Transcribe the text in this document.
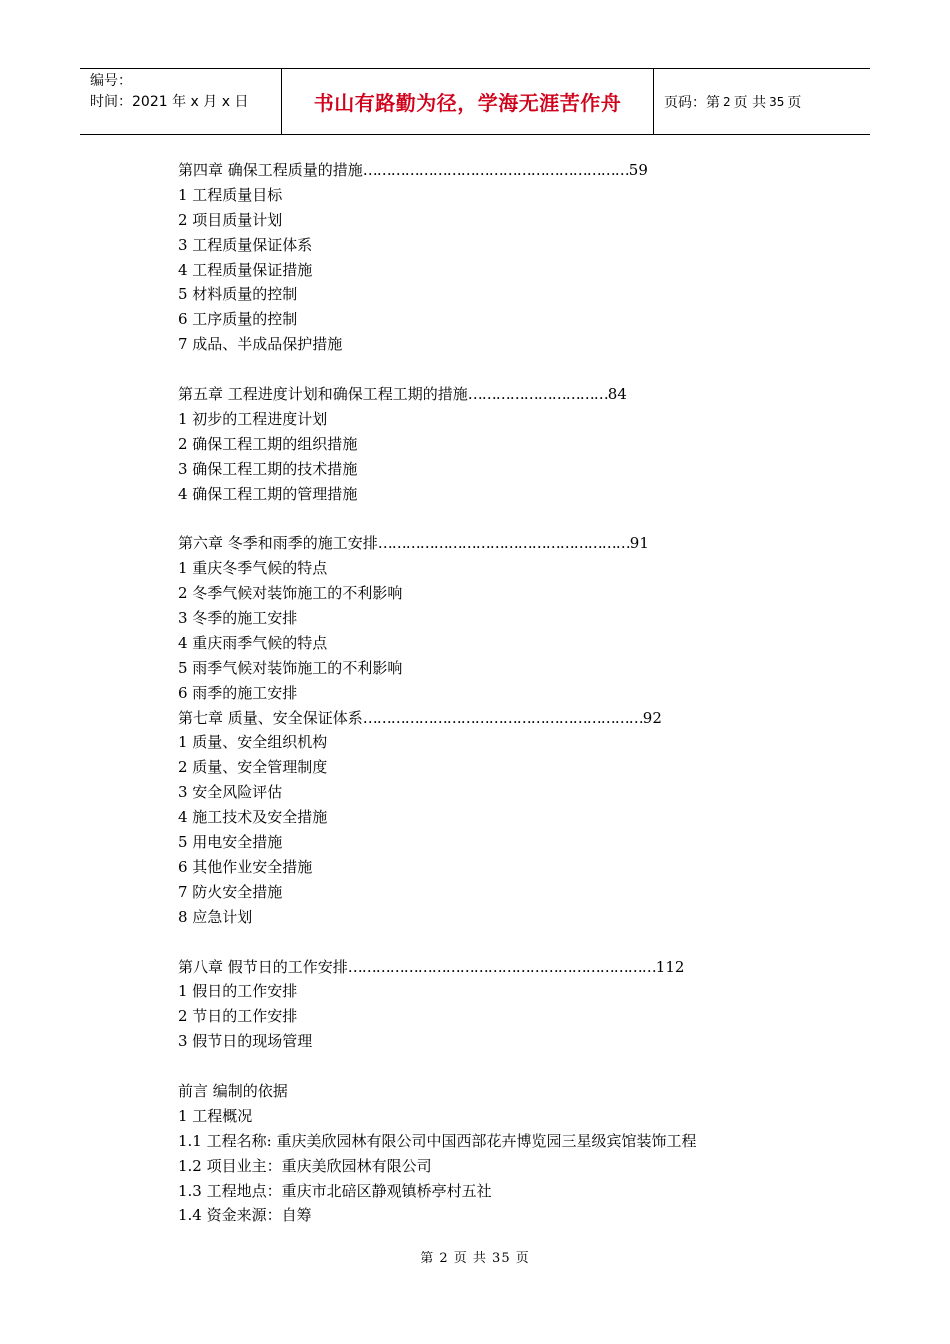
编号：
时间：2021 年 x 月 x 日	书山有路勤为径，学海无涯苦作舟	页码：第 2 页 共 35 页
第四章 确保工程质量的措施…………………………………………………59
1 工程质量目标
2 项目质量计划
3 工程质量保证体系
4 工程质量保证措施
5 材料质量的控制
6 工序质量的控制
7 成品、半成品保护措施
第五章 工程进度计划和确保工程工期的措施…………………………84
1 初步的工程进度计划
2 确保工程工期的组织措施
3 确保工程工期的技术措施
4 确保工程工期的管理措施
第六章 冬季和雨季的施工安排………………………………………………91
1 重庆冬季气候的特点
2 冬季气候对装饰施工的不利影响
3 冬季的施工安排
4 重庆雨季气候的特点
5 雨季气候对装饰施工的不利影响
6 雨季的施工安排
第七章 质量、安全保证体系……………………………………………………92
1 质量、安全组织机构
2 质量、安全管理制度
3 安全风险评估
4 施工技术及安全措施
5 用电安全措施
6 其他作业安全措施
7 防火安全措施
8 应急计划
第八章 假节日的工作安排…………………………………………………………112
1 假日的工作安排
2 节日的工作安排
3 假节日的现场管理
前言 编制的依据
1 工程概况
1.1 工程名称: 重庆美欣园林有限公司中国西部花卉博览园三星级宾馆装饰工程
1.2 项目业主：重庆美欣园林有限公司
1.3 工程地点：重庆市北碚区静观镇桥亭村五社
1.4 资金来源：自筹
第 2 页 共 35 页
